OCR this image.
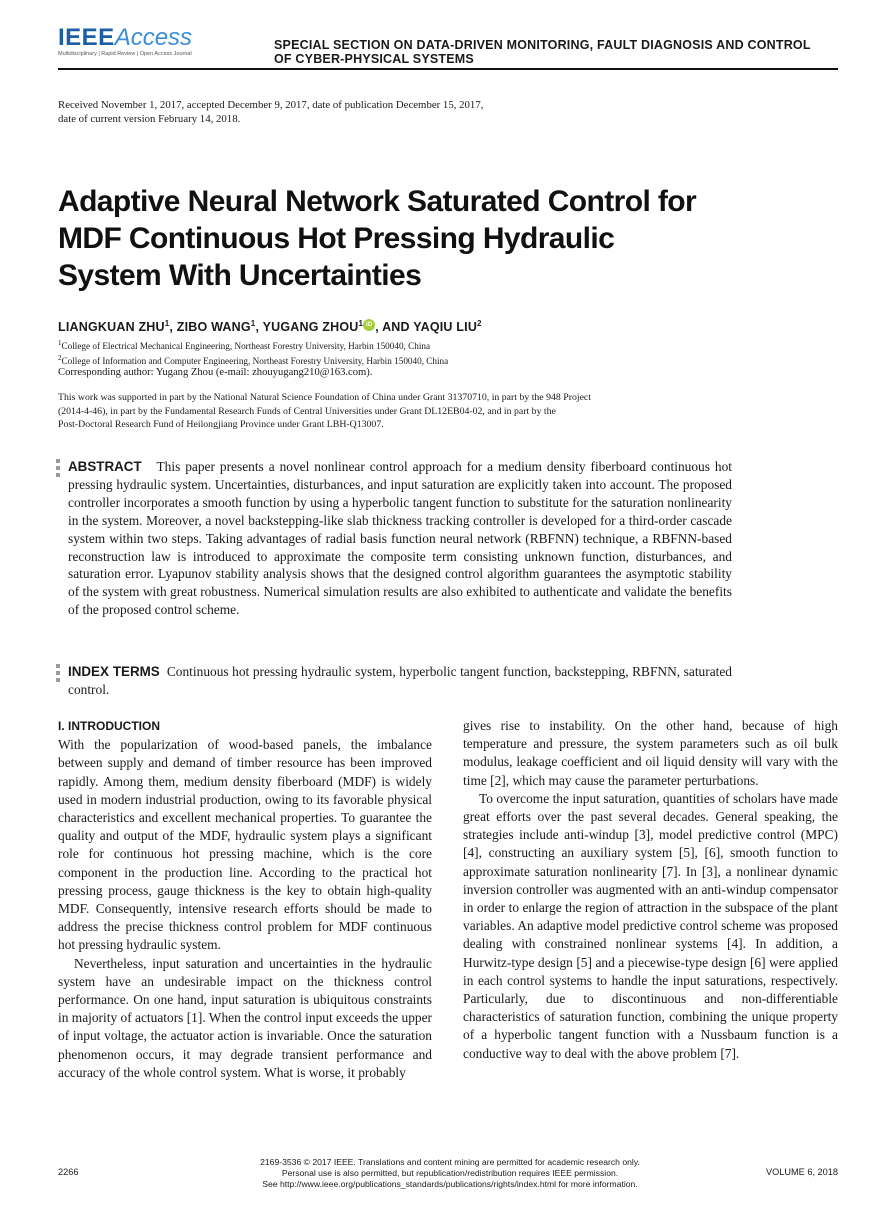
IEEEAccess
Multidisciplinary | Rapid Review | Open Access Journal
SPECIAL SECTION ON DATA-DRIVEN MONITORING, FAULT DIAGNOSIS AND CONTROL
OF CYBER-PHYSICAL SYSTEMS
Received November 1, 2017, accepted December 9, 2017, date of publication December 15, 2017,
date of current version February 14, 2018.
Adaptive Neural Network Saturated Control for
MDF Continuous Hot Pressing Hydraulic
System With Uncertainties
LIANGKUAN ZHU$^1$, ZIBO WANG$^1$, YUGANG ZHOU$^1$ iD , AND YAQIU LIU$^2$
$^1$College of Electrical Mechanical Engineering, Northeast Forestry University, Harbin 150040, China
$^2$College of Information and Computer Engineering, Northeast Forestry University, Harbin 150040, China
Corresponding author: Yugang Zhou (e-mail: zhouyugang210@163.com).
This work was supported in part by the National Natural Science Foundation of China under Grant 31370710, in part by the 948 Project
(2014-4-46), in part by the Fundamental Research Funds of Central Universities under Grant DL12EB04-02, and in part by the
Post-Doctoral Research Fund of Heilongjiang Province under Grant LBH-Q13007.
ABSTRACT This paper presents a novel nonlinear control approach for a medium density fiberboard continuous hot pressing hydraulic system. Uncertainties, disturbances, and input saturation are explicitly taken into account. The proposed controller incorporates a smooth function by using a hyperbolic tangent function to substitute for the saturation nonlinearity in the system. Moreover, a novel backstepping-like slab thickness tracking controller is developed for a third-order cascade system within two steps. Taking advantages of radial basis function neural network (RBFNN) technique, a RBFNN-based reconstruction law is introduced to approximate the composite term consisting unknown function, disturbances, and saturation error. Lyapunov stability analysis shows that the designed control algorithm guarantees the asymptotic stability of the system with great robustness. Numerical simulation results are also exhibited to authenticate and validate the benefits of the proposed control scheme.
INDEX TERMS Continuous hot pressing hydraulic system, hyperbolic tangent function, backstepping, RBFNN, saturated control.
I. INTRODUCTION

With the popularization of wood-based panels, the imbalance between supply and demand of timber resource has been improved rapidly. Among them, medium density fiberboard (MDF) is widely used in modern industrial production, owing to its favorable physical characteristics and excellent mechanical properties. To guarantee the quality and output of the MDF, hydraulic system plays a significant role for continuous hot pressing machine, which is the core component in the production line. According to the practical hot pressing process, gauge thickness is the key to obtain high-quality MDF. Consequently, intensive research efforts should be made to address the precise thickness control problem for MDF continuous hot pressing hydraulic system.

Nevertheless, input saturation and uncertainties in the hydraulic system have an undesirable impact on the thickness control performance. On one hand, input saturation is ubiquitous constraints in majority of actuators [1]. When the control input exceeds the upper of input voltage, the actuator action is invariable. Once the saturation phenomenon occurs, it may degrade transient performance and accuracy of the whole control system. What is worse, it probably

gives rise to instability. On the other hand, because of high temperature and pressure, the system parameters such as oil bulk modulus, leakage coefficient and oil liquid density will vary with the time [2], which may cause the parameter perturbations.

To overcome the input saturation, quantities of scholars have made great efforts over the past several decades. General speaking, the strategies include anti-windup [3], model predictive control (MPC) [4], constructing an auxiliary system [5], [6], smooth function to approximate saturation nonlinearity [7]. In [3], a nonlinear dynamic inversion controller was augmented with an anti-windup compensator in order to enlarge the region of attraction in the subspace of the plant variables. An adaptive model predictive control scheme was proposed dealing with constrained nonlinear systems [4]. In addition, a Hurwitz-type design [5] and a piecewise-type design [6] were applied in each control systems to handle the input saturations, respectively. Particularly, due to discontinuous and non-differentiable characteristics of saturation function, combining the unique property of a hyperbolic tangent function with a Nussbaum function is a conductive way to deal with the above problem [7].

2266	VOLUME 6, 2018
2169-3536 © 2017 IEEE. Translations and content mining are permitted for academic research only.
Personal use is also permitted, but republication/redistribution requires IEEE permission.
See http://www.ieee.org/publications_standards/publications/rights/index.html for more information.
